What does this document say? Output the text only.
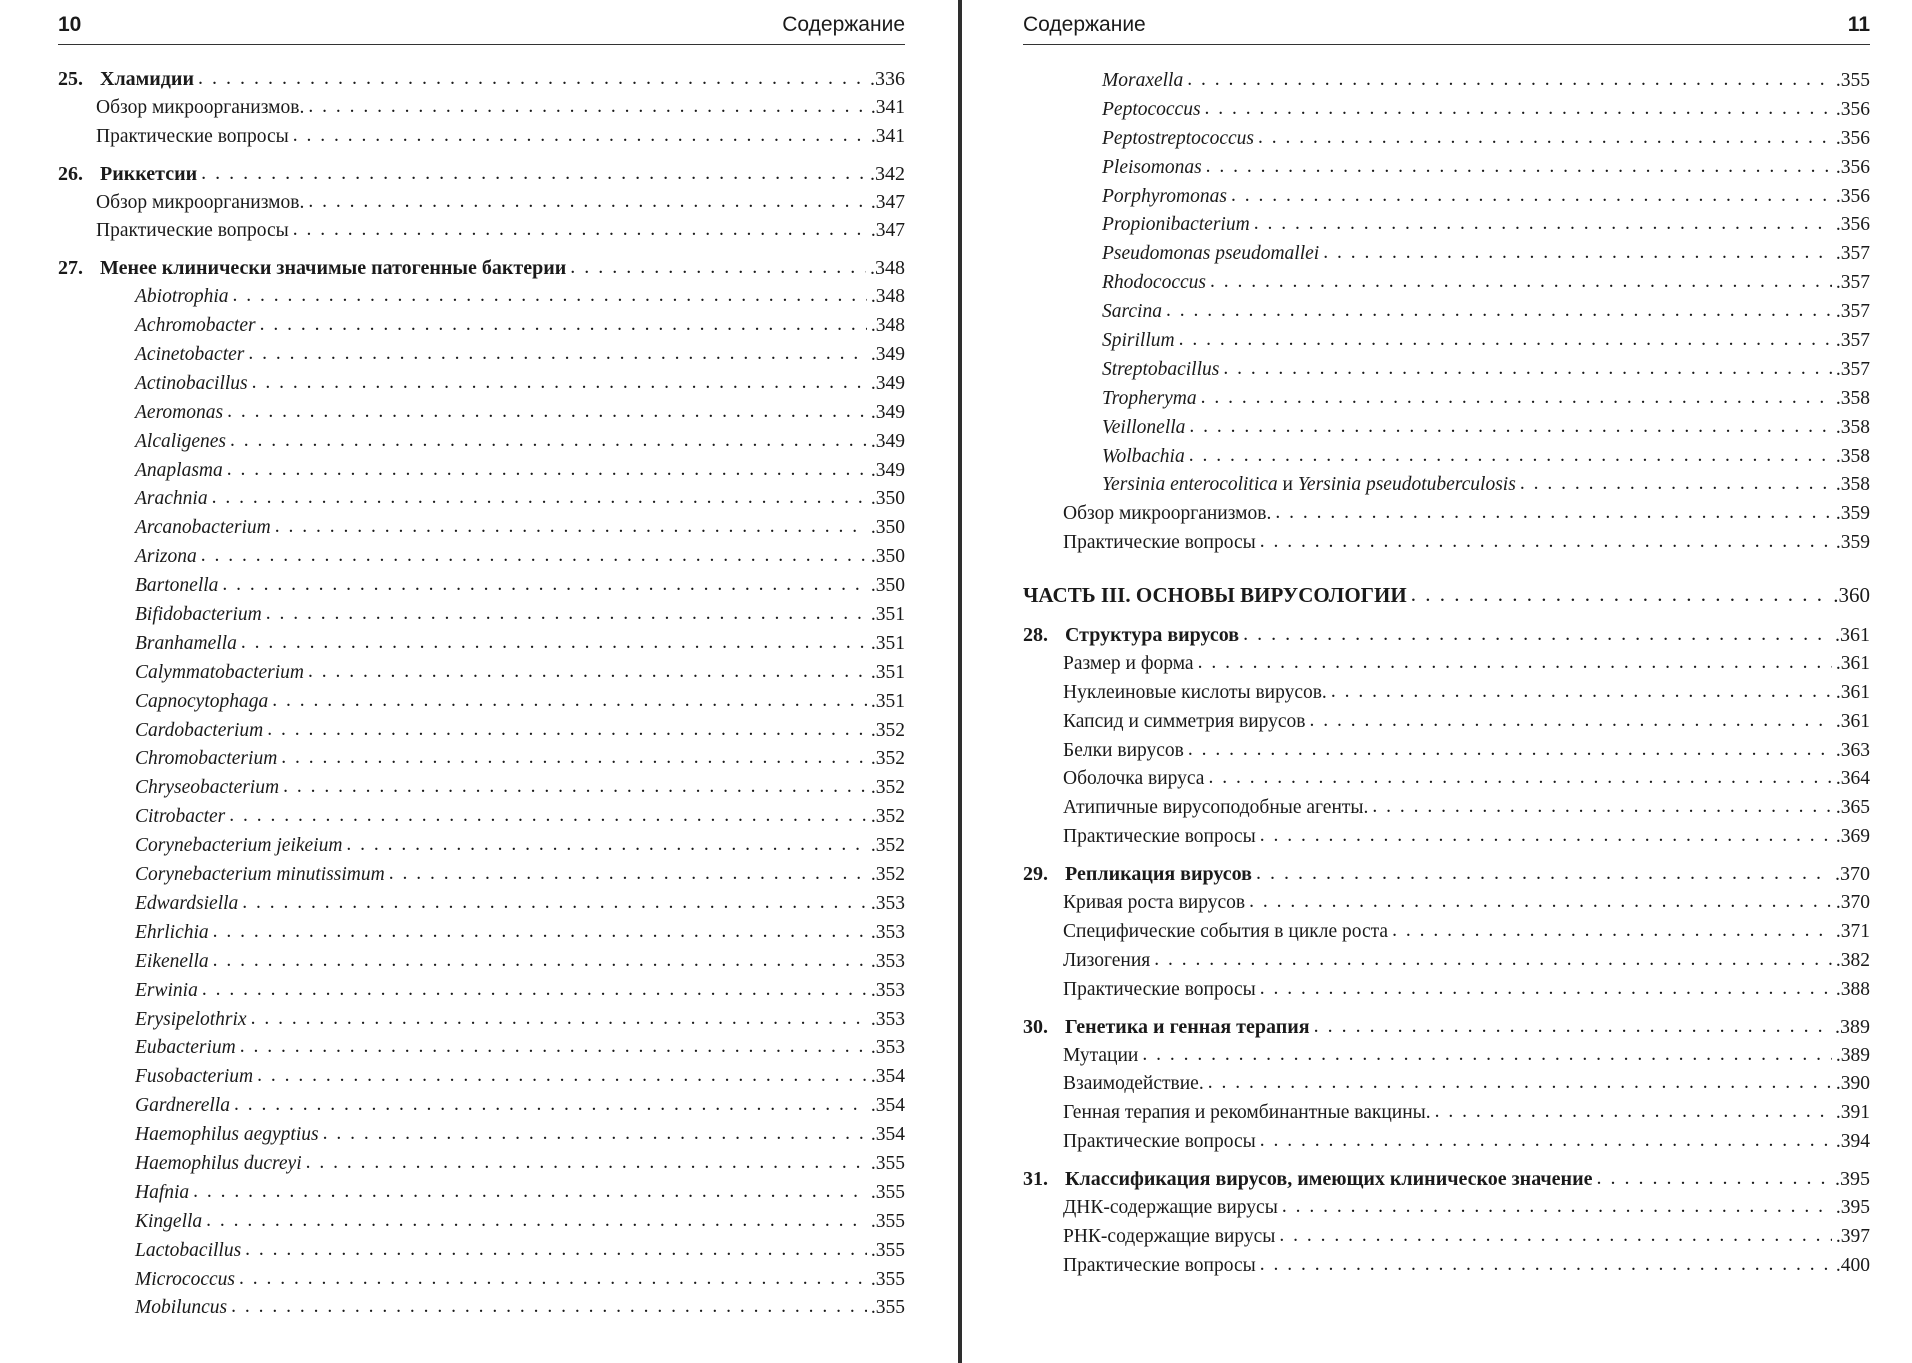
10	Содержание
25. Хламидии . . .	.336
Обзор микроорганизмов. . . .	.341
Практические вопросы . . .	.341
26. Риккетсии . . .	.342
Обзор микроорганизмов. . . .	.347
Практические вопросы . . .	.347
27. Менее клинически значимые патогенные бактерии . . .	.348
Abiotrophia . . .	.348
Achromobacter . . .	.348
Acinetobacter . . .	.349
Actinobacillus . . .	.349
Aeromonas . . .	.349
Alcaligenes . . .	.349
Anaplasma . . .	.349
Arachnia . . .	.350
Arcanobacterium . . .	.350
Arizona . . .	.350
Bartonella . . .	.350
Bifidobacterium . . .	.351
Branhamella . . .	.351
Calymmatobacterium . . .	.351
Capnocytophaga . . .	.351
Cardobacterium . . .	.352
Chromobacterium . . .	.352
Chryseobacterium . . .	.352
Citrobacter . . .	.352
Corynebacterium jeikeium . . .	.352
Corynebacterium minutissimum . . .	.352
Edwardsiella . . .	.353
Ehrlichia . . .	.353
Eikenella . . .	.353
Erwinia . . .	.353
Erysipelothrix . . .	.353
Eubacterium . . .	.353
Fusobacterium . . .	.354
Gardnerella . . .	.354
Haemophilus aegyptius . . .	.354
Haemophilus ducreyi . . .	.355
Hafnia . . .	.355
Kingella . . .	.355
Lactobacillus . . .	.355
Micrococcus . . .	.355
Mobiluncus . . .	.355
Содержание	11
Moraxella . . .	.355
Peptococcus . . .	.356
Peptostreptococcus . . .	.356
Pleisomonas . . .	.356
Porphyromonas . . .	.356
Propionibacterium . . .	.356
Pseudomonas pseudomallei . . .	.357
Rhodococcus . . .	.357
Sarcina . . .	.357
Spirillum . . .	.357
Streptobacillus . . .	.357
Tropheryma . . .	.358
Veillonella . . .	.358
Wolbachia . . .	.358
Yersinia enterocolitica и Yersinia pseudotuberculosis . . .	.358
Обзор микроорганизмов. . . .	.359
Практические вопросы . . .	.359
ЧАСТЬ III. ОСНОВЫ ВИРУСОЛОГИИ . . .	.360
28. Структура вирусов . . .	.361
Размер и форма . . .	.361
Нуклеиновые кислоты вирусов. . . .	.361
Капсид и симметрия вирусов . . .	.361
Белки вирусов . . .	.363
Оболочка вируса . . .	.364
Атипичные вирусоподобные агенты. . . .	.365
Практические вопросы . . .	.369
29. Репликация вирусов . . .	.370
Кривая роста вирусов . . .	.370
Специфические события в цикле роста . . .	.371
Лизогения . . .	.382
Практические вопросы . . .	.388
30. Генетика и генная терапия . . .	.389
Мутации . . .	.389
Взаимодействие. . . .	.390
Генная терапия и рекомбинантные вакцины. . . .	.391
Практические вопросы . . .	.394
31. Классификация вирусов, имеющих клиническое значение . . .	.395
ДНК-содержащие вирусы . . .	.395
РНК-содержащие вирусы . . .	.397
Практические вопросы . . .	.400
